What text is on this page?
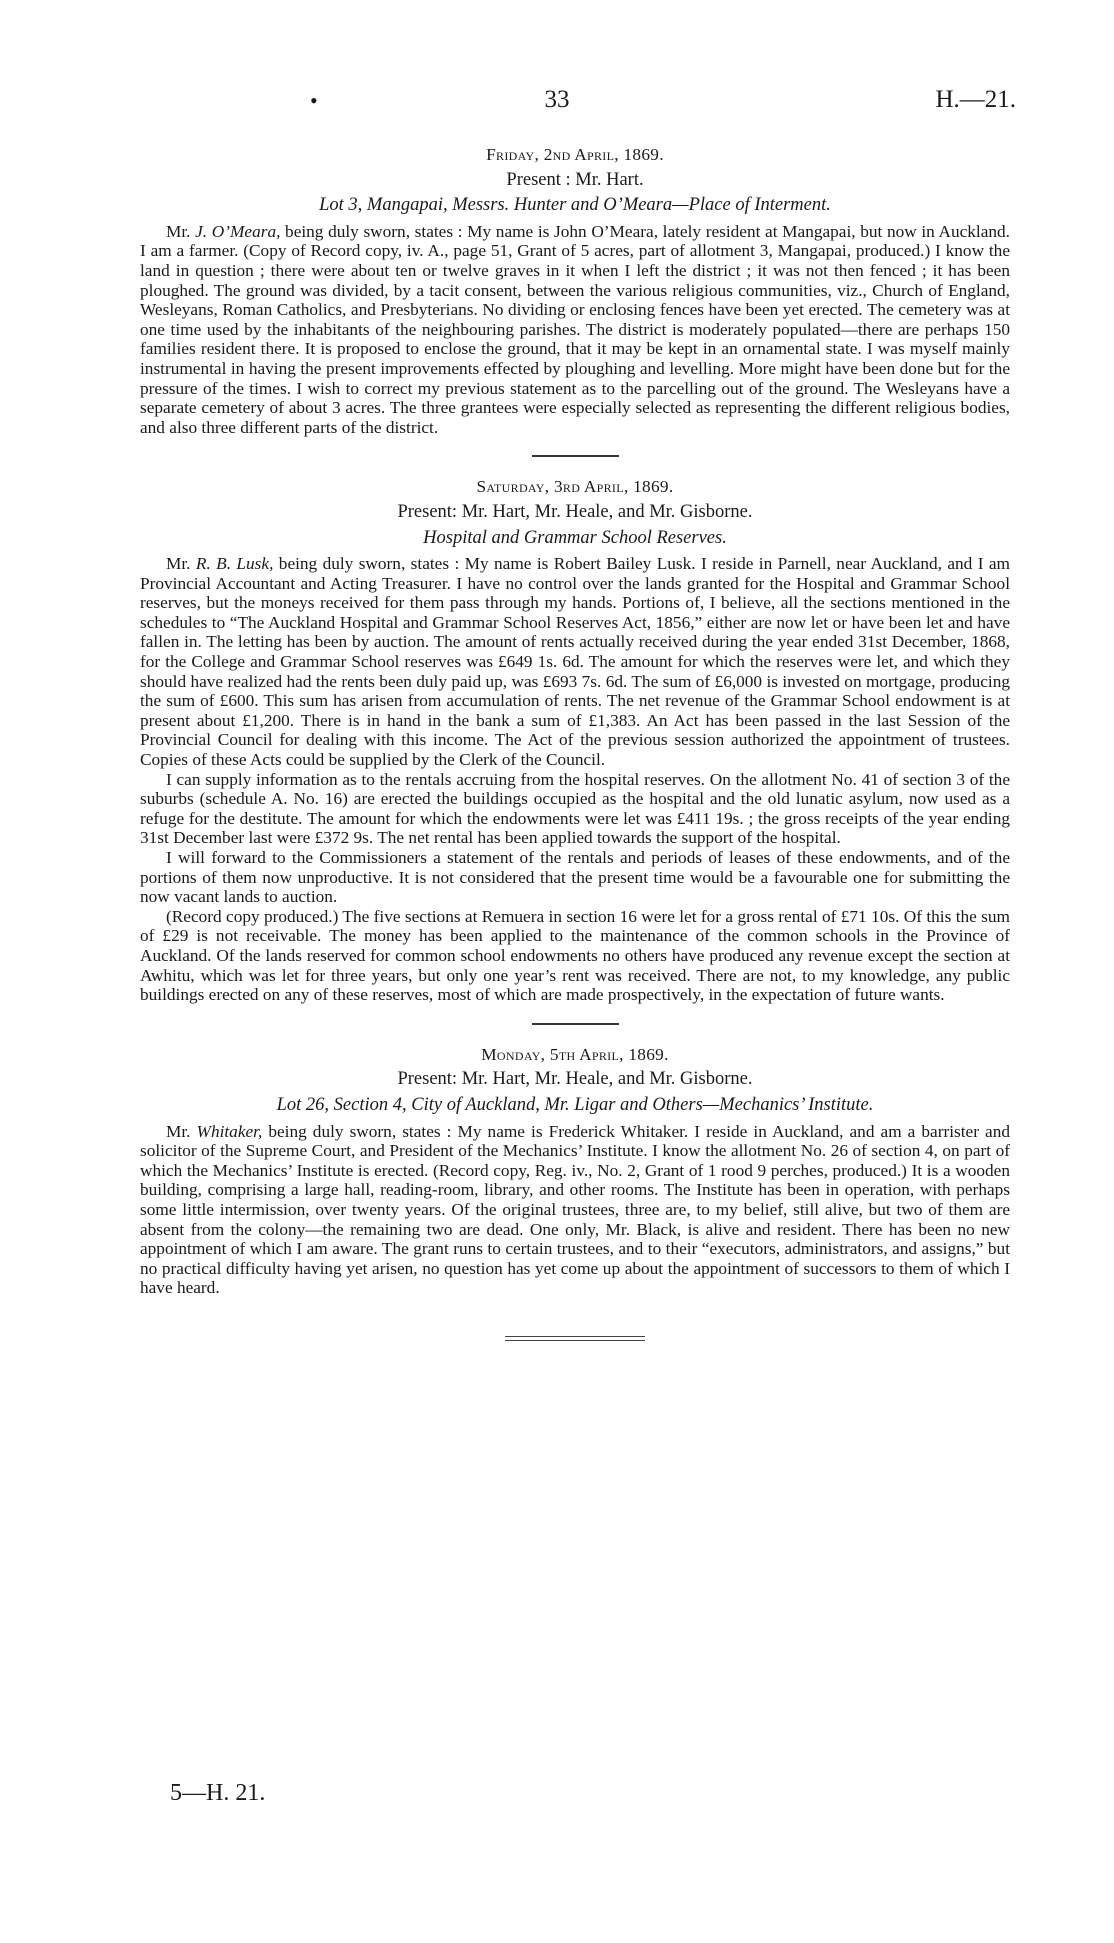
•	33	H.—21.
Friday, 2nd April, 1869.
Present : Mr. Hart.
Lot 3, Mangapai, Messrs. Hunter and O’Meara—Place of Interment.

Mr. J. O’Meara, being duly sworn, states : My name is John O’Meara, lately resident at Mangapai, but now in Auckland. I am a farmer. (Copy of Record copy, iv. A., page 51, Grant of 5 acres, part of allotment 3, Mangapai, produced.) I know the land in question ; there were about ten or twelve graves in it when I left the district ; it was not then fenced ; it has been ploughed. The ground was divided, by a tacit consent, between the various religious communities, viz., Church of England, Wesleyans, Roman Catholics, and Presbyterians. No dividing or enclosing fences have been yet erected. The cemetery was at one time used by the inhabitants of the neighbouring parishes. The district is moderately populated—there are perhaps 150 families resident there. It is proposed to enclose the ground, that it may be kept in an ornamental state. I was myself mainly instrumental in having the present improvements effected by ploughing and levelling. More might have been done but for the pressure of the times. I wish to correct my previous statement as to the parcelling out of the ground. The Wesleyans have a separate cemetery of about 3 acres. The three grantees were especially selected as representing the different religious bodies, and also three different parts of the district.

Saturday, 3rd April, 1869.
Present: Mr. Hart, Mr. Heale, and Mr. Gisborne.
Hospital and Grammar School Reserves.

Mr. R. B. Lusk, being duly sworn, states : My name is Robert Bailey Lusk. I reside in Parnell, near Auckland, and I am Provincial Accountant and Acting Treasurer. I have no control over the lands granted for the Hospital and Grammar School reserves, but the moneys received for them pass through my hands. Portions of, I believe, all the sections mentioned in the schedules to “The Auckland Hospital and Grammar School Reserves Act, 1856,” either are now let or have been let and have fallen in. The letting has been by auction. The amount of rents actually received during the year ended 31st December, 1868, for the College and Grammar School reserves was £649 1s. 6d. The amount for which the reserves were let, and which they should have realized had the rents been duly paid up, was £693 7s. 6d. The sum of £6,000 is invested on mortgage, producing the sum of £600. This sum has arisen from accumulation of rents. The net revenue of the Grammar School endowment is at present about £1,200. There is in hand in the bank a sum of £1,383. An Act has been passed in the last Session of the Provincial Council for dealing with this income. The Act of the previous session authorized the appointment of trustees. Copies of these Acts could be supplied by the Clerk of the Council.

I can supply information as to the rentals accruing from the hospital reserves. On the allotment No. 41 of section 3 of the suburbs (schedule A. No. 16) are erected the buildings occupied as the hospital and the old lunatic asylum, now used as a refuge for the destitute. The amount for which the endowments were let was £411 19s. ; the gross receipts of the year ending 31st December last were £372 9s. The net rental has been applied towards the support of the hospital.

I will forward to the Commissioners a statement of the rentals and periods of leases of these endowments, and of the portions of them now unproductive. It is not considered that the present time would be a favourable one for submitting the now vacant lands to auction.

(Record copy produced.) The five sections at Remuera in section 16 were let for a gross rental of £71 10s. Of this the sum of £29 is not receivable. The money has been applied to the maintenance of the common schools in the Province of Auckland. Of the lands reserved for common school endowments no others have produced any revenue except the section at Awhitu, which was let for three years, but only one year’s rent was received. There are not, to my knowledge, any public buildings erected on any of these reserves, most of which are made prospectively, in the expectation of future wants.

Monday, 5th April, 1869.
Present: Mr. Hart, Mr. Heale, and Mr. Gisborne.
Lot 26, Section 4, City of Auckland, Mr. Ligar and Others—Mechanics’ Institute.

Mr. Whitaker, being duly sworn, states : My name is Frederick Whitaker. I reside in Auckland, and am a barrister and solicitor of the Supreme Court, and President of the Mechanics’ Institute. I know the allotment No. 26 of section 4, on part of which the Mechanics’ Institute is erected. (Record copy, Reg. iv., No. 2, Grant of 1 rood 9 perches, produced.) It is a wooden building, comprising a large hall, reading-room, library, and other rooms. The Institute has been in operation, with perhaps some little intermission, over twenty years. Of the original trustees, three are, to my belief, still alive, but two of them are absent from the colony—the remaining two are dead. One only, Mr. Black, is alive and resident. There has been no new appointment of which I am aware. The grant runs to certain trustees, and to their “executors, administrators, and assigns,” but no practical difficulty having yet arisen, no question has yet come up about the appointment of successors to them of which I have heard.

5—H. 21.
